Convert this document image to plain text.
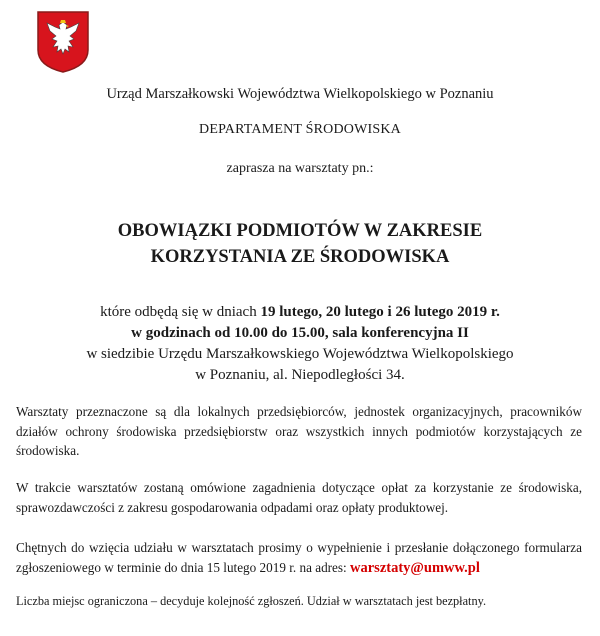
Urząd Marszałkowski Województwa Wielkopolskiego w Poznaniu
DEPARTAMENT ŚRODOWISKA
zaprasza na warsztaty pn.:
OBOWIĄZKI PODMIOTÓW W ZAKRESIE
KORZYSTANIA ZE ŚRODOWISKA
które odbędą się w dniach 19 lutego, 20 lutego i 26 lutego 2019 r.
w godzinach od 10.00 do 15.00, sala konferencyjna II
w siedzibie Urzędu Marszałkowskiego Województwa Wielkopolskiego
w Poznaniu, al. Niepodległości 34.
Warsztaty przeznaczone są dla lokalnych przedsiębiorców, jednostek organizacyjnych, pracowników działów ochrony środowiska przedsiębiorstw oraz wszystkich innych podmiotów korzystających ze środowiska.
W trakcie warsztatów zostaną omówione zagadnienia dotyczące opłat za korzystanie ze środowiska, sprawozdawczości z zakresu gospodarowania odpadami oraz opłaty produktowej.
Chętnych do wzięcia udziału w warsztatach prosimy o wypełnienie i przesłanie dołączonego formularza zgłoszeniowego w terminie do dnia 15 lutego 2019 r. na adres: warsztaty@umww.pl
Liczba miejsc ograniczona – decyduje kolejność zgłoszeń. Udział w warsztatach jest bezpłatny.
